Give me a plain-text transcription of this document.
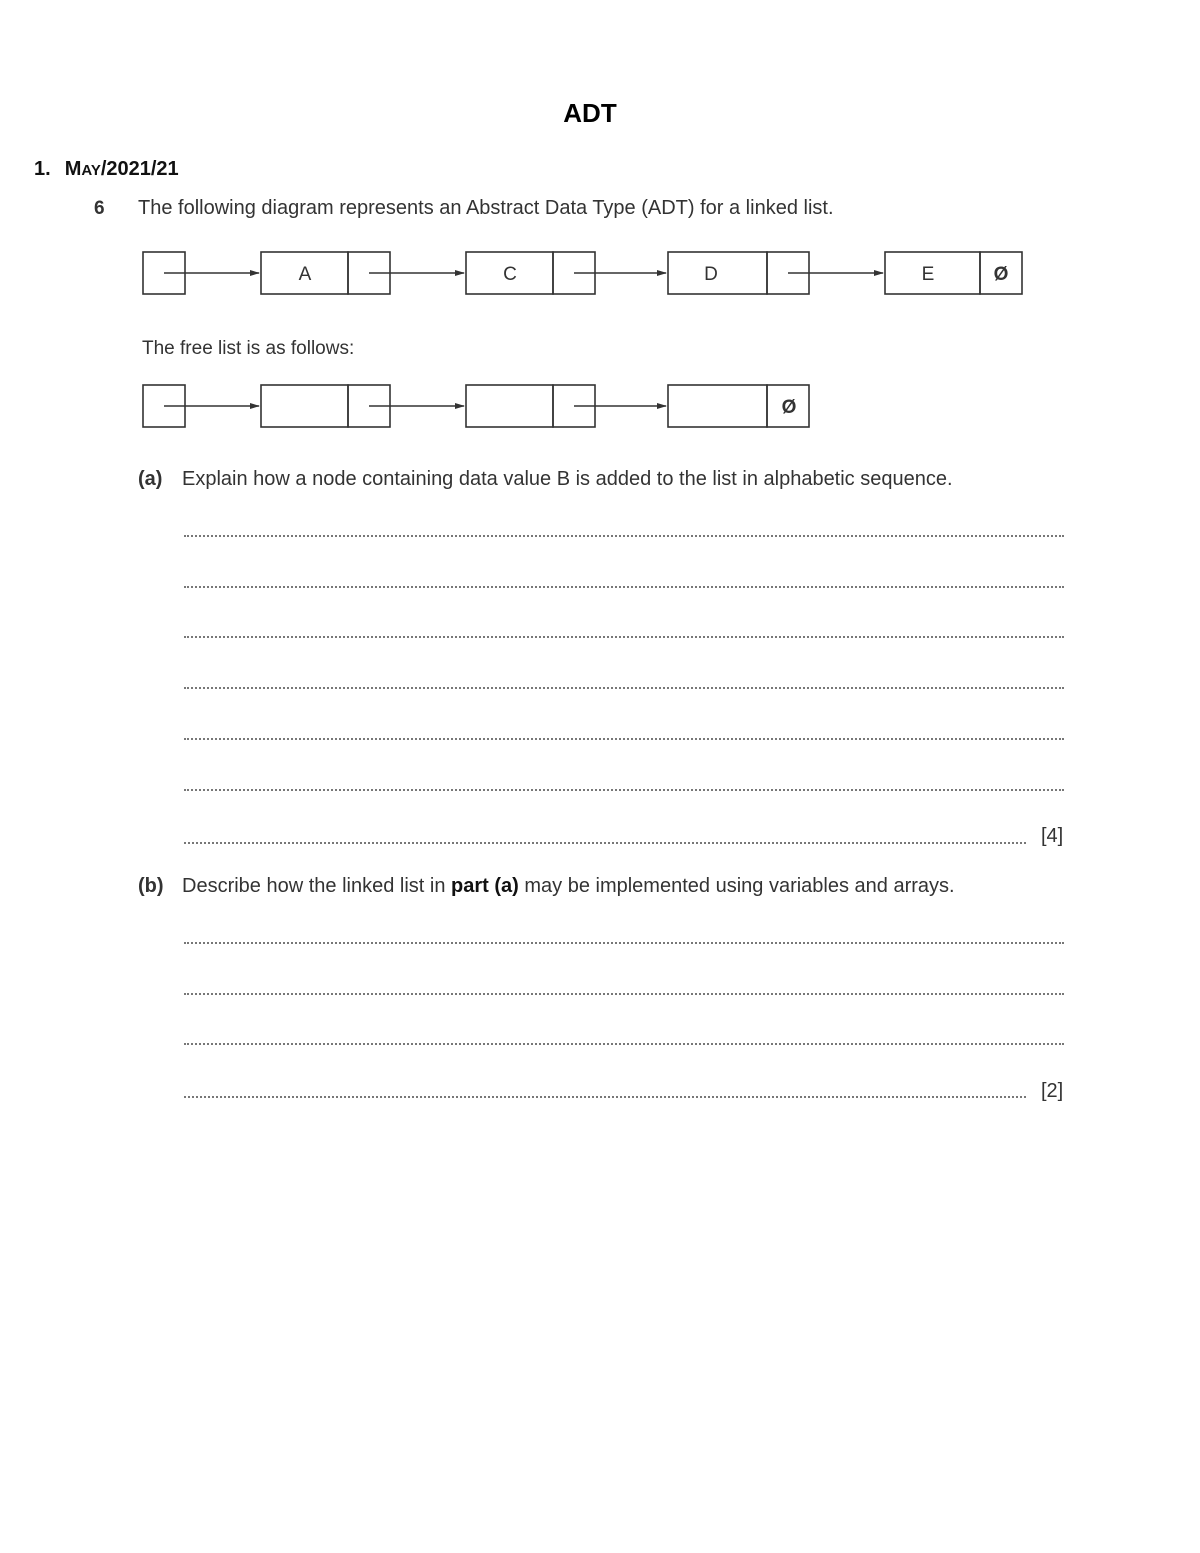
ADT
1. MAY/2021/21
6 The following diagram represents an Abstract Data Type (ADT) for a linked list.
A	C	D	E	Ø
The free list is as follows:
Ø
(a) Explain how a node containing data value B is added to the list in alphabetic sequence.
[4]
(b) Describe how the linked list in part (a) may be implemented using variables and arrays.
[2]
